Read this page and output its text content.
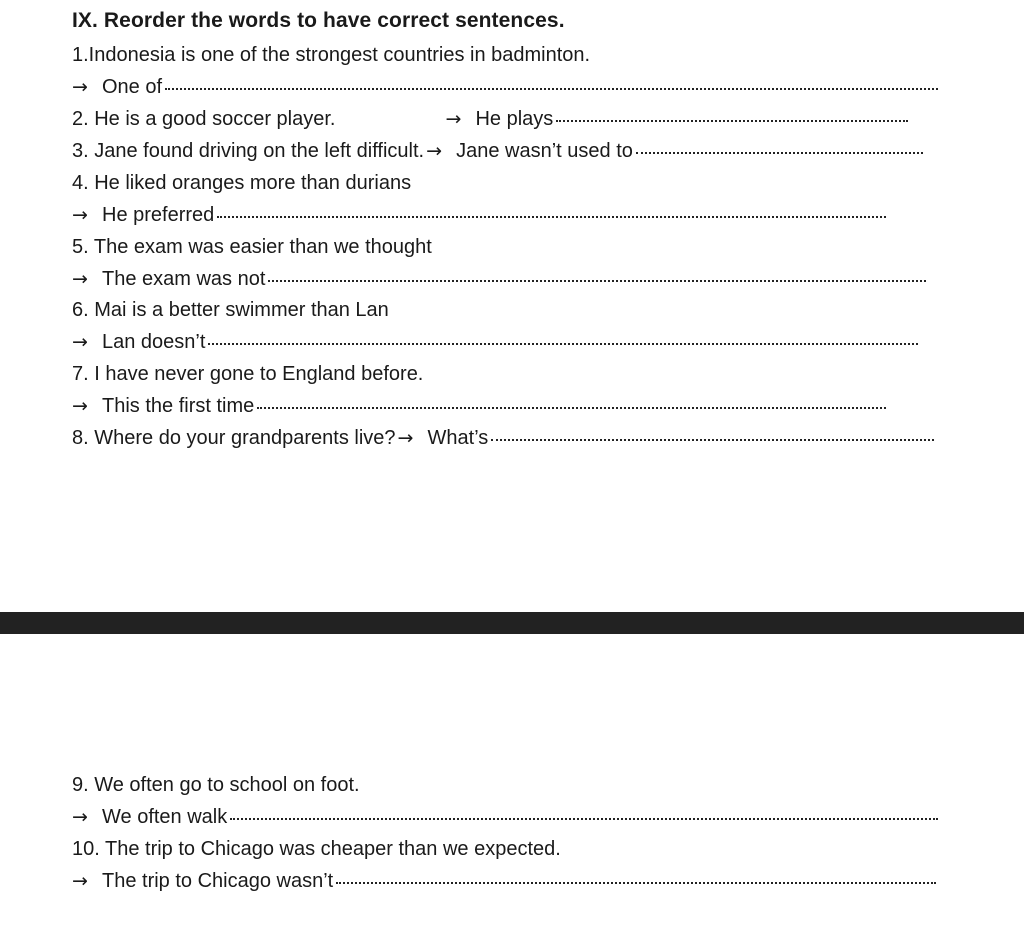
IX. Reorder the words to have correct sentences.
1.Indonesia is one of the strongest countries in badminton.
→ One of
2. He is a good soccer player.	→ He plays
3. Jane found driving on the left difficult. → Jane wasn’t used to
4. He liked oranges more than durians
→ He preferred
5. The exam was easier than we thought
→ The exam was not
6. Mai is a better swimmer than Lan
→ Lan doesn’t
7. I have never gone to England before.
→ This the first time
8. Where do your grandparents live? → What’s
9. We often go to school on foot.
→ We often walk
10. The trip to Chicago was cheaper than we expected.
→ The trip to Chicago wasn’t
